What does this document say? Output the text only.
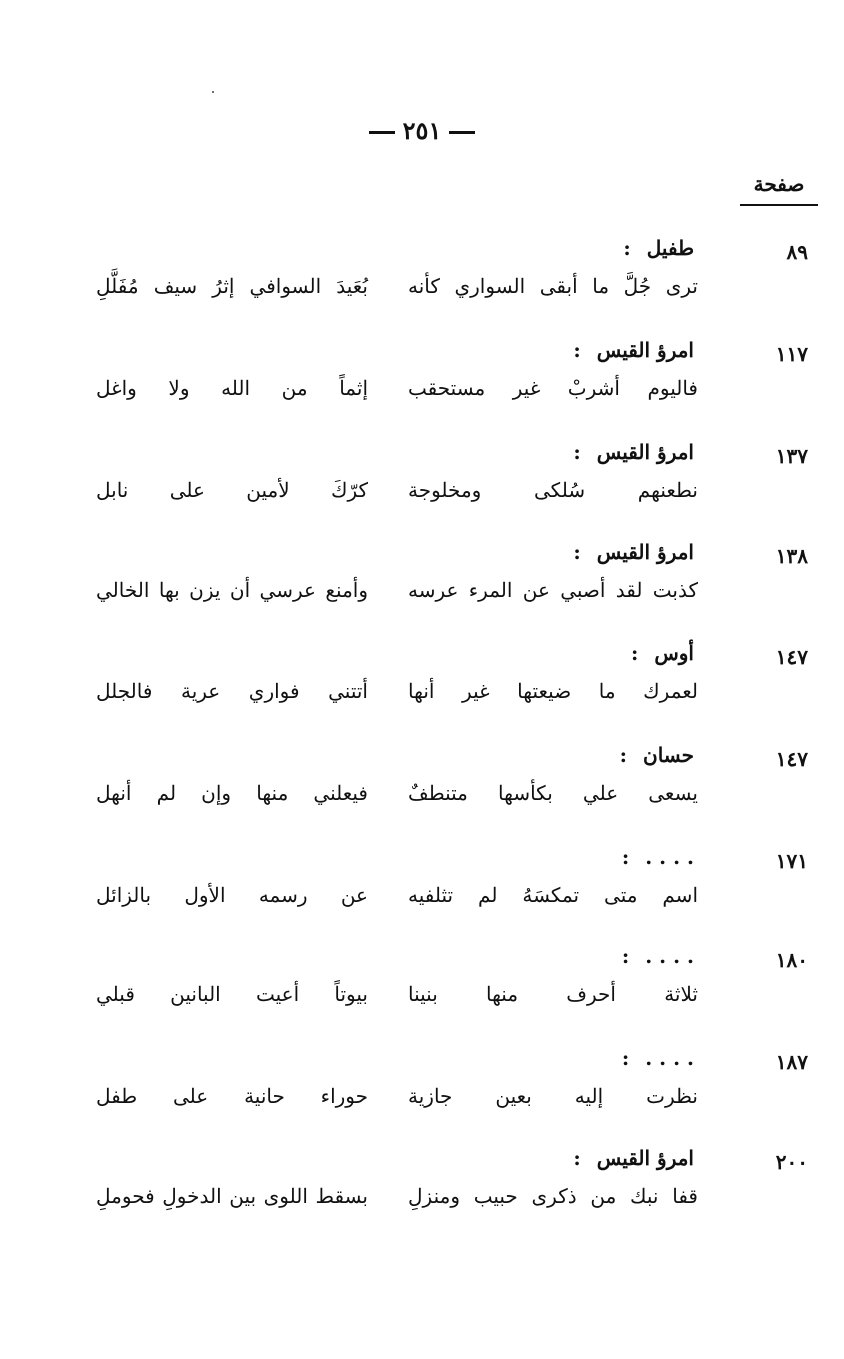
٢٥١
صفحة
٨٩
طفيل:
ترى جُلَّ ما أبقى السواري كأنه
بُعَيدَ السوافي إثرُ سيف مُفَلَّلِ
١١٧
امرؤ القيس:
فاليوم أشربْ غير مستحقب
إثماً من الله ولا واغل
١٣٧
امرؤ القيس:
نطعنهم سُلكى ومخلوجة
كرّكَ لأمين على نابل
١٣٨
امرؤ القيس:
كذبت لقد أصبي عن المرء عرسه
وأمنع عرسي أن يزن بها الخالي
١٤٧
أوس:
لعمرك ما ضيعتها غير أنها
أتتني فواري عرية فالجلل
١٤٧
حسان:
يسعى علي بكأسها متنطفٌ
فيعلني منها وإن لم أنهل
١٧١
. . . .:
اسم متى تمكسَهُ لم تثلفيه
عن رسمه الأول بالزائل
١٨٠
. . . .:
ثلاثة أحرف منها بنينا
بيوتاً أعيت البانين قبلي
١٨٧
. . . .:
نظرت إليه بعين جازية
حوراء حانية على طفل
٢٠٠
امرؤ القيس:
قفا نبك من ذكرى حبيب ومنزلِ
بسقط اللوى بين الدخولِ فحوملِ
